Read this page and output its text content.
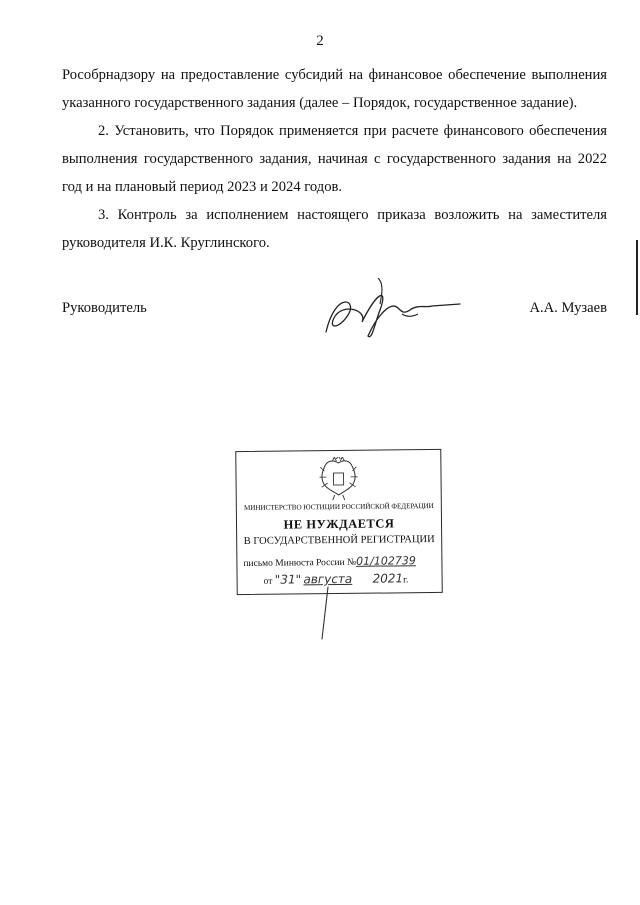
2

Рособрнадзору на предоставление субсидий на финансовое обеспечение выполнения указанного государственного задания (далее – Порядок, государственное задание).

2. Установить, что Порядок применяется при расчете финансового обеспечения выполнения государственного задания, начиная с государственного задания на 2022 год и на плановый период 2023 и 2024 годов.

3. Контроль за исполнением настоящего приказа возложить на заместителя руководителя И.К. Круглинского.

Руководитель	А.А. Музаев
МИНИСТЕРСТВО ЮСТИЦИИ РОССИЙСКОЙ ФЕДЕРАЦИИ
НЕ НУЖДАЕТСЯ
В ГОСУДАРСТВЕННОЙ РЕГИСТРАЦИИ
письмо Минюста России №01/102739
от "31" августа 2021г.
